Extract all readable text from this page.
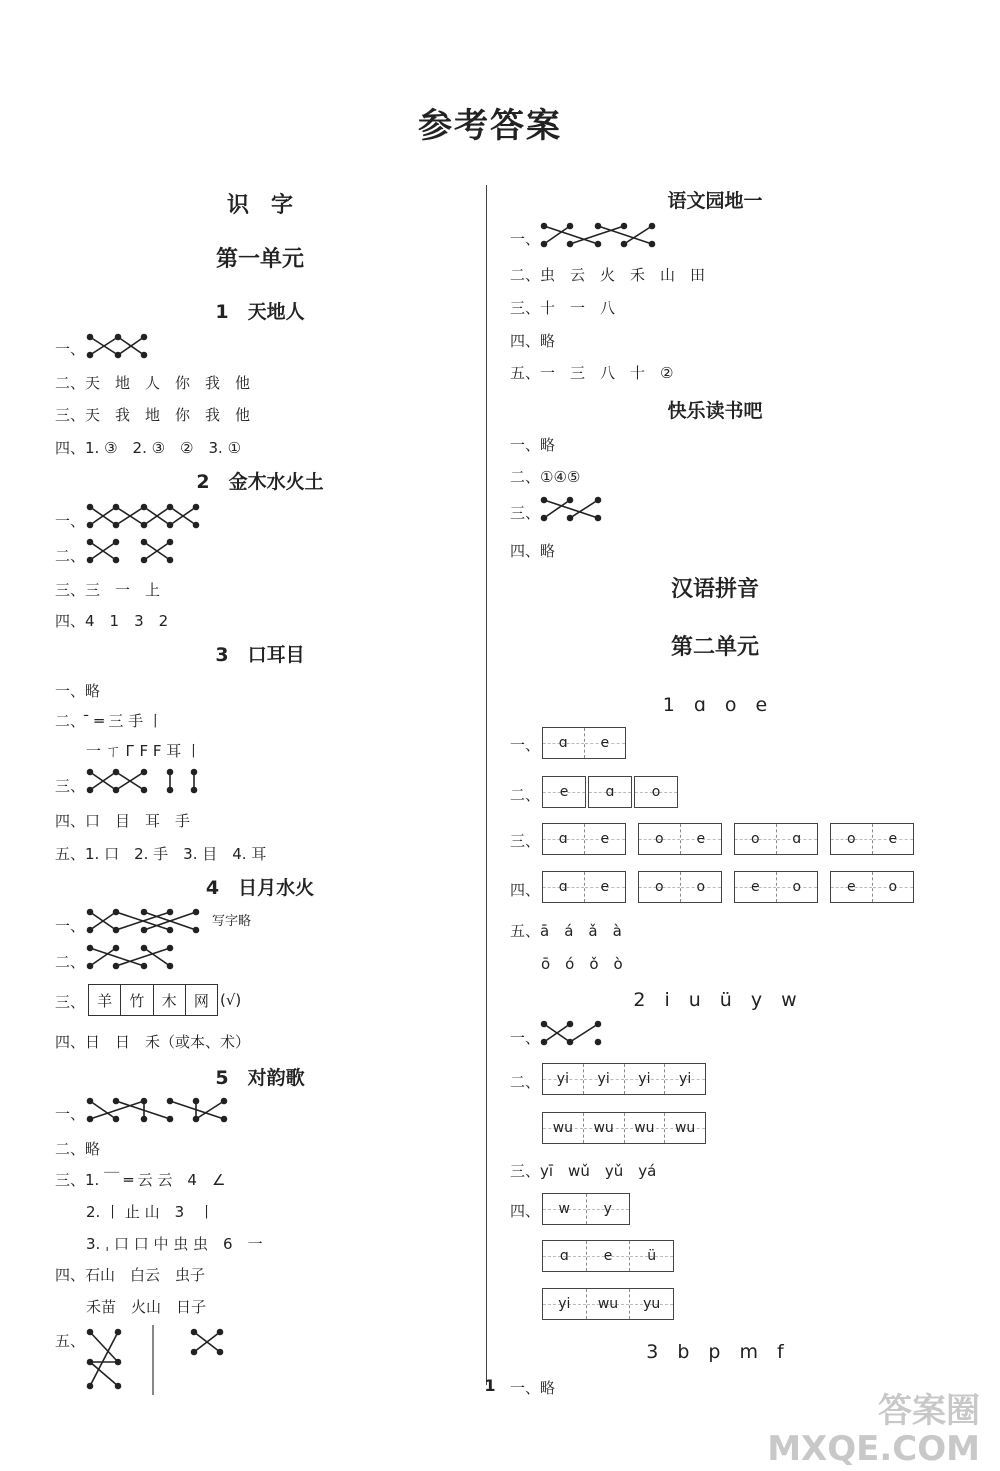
参考答案
识　字
第一单元
1　天地人
一、
二、天　地　人　你　我　他
三、天　我　地　你　我　他
四、1. ③　2. ③　②　3. ①
2　金木水火土
一、
二、
三、三　一　上
四、4　1　3　2
3　口耳目
一、略
二、 ̄ ═ 三 手 丨
一 ㄒ Г F F 耳 丨
三、
四、口　目　耳　手
五、1. 口　2. 手　3. 目　4. 耳
4　日月水火
一、	写字略
二、
三、 羊	竹	木	网 (√)
四、日　日　禾（或本、术）
5　对韵歌
一、
二、略
三、1. ￣ ═ 云 云　4　∠
2. 丨 止 山　3　丨
3. ˌ 口 口 中 虫 虫　6　一
四、石山　白云　虫子
禾苗　火山　日子
五、
语文园地一
一、
二、虫　云　火　禾　山　田
三、十　一　八
四、略
五、一　三　八　十　②
快乐读书吧
一、略
二、①④⑤
三、
四、略
汉语拼音
第二单元
1　ɑ　o　e
一、 ɑ e
二、 e	ɑ	o
三、 ɑ e	o e	o ɑ	o e
四、 ɑ e	o o	e o	e o
五、ā　á　ǎ　à
ō　ó　ǒ　ò
2　i　u　ü　y　w
一、
二、 yi yi yi yi
wu wu wu wu
三、yī　wǔ　yǔ　yá
四、 w y
ɑ e ü
yi wu yu
3　b　p　m　f
一、略
1
答案圈
MXQE.COM
